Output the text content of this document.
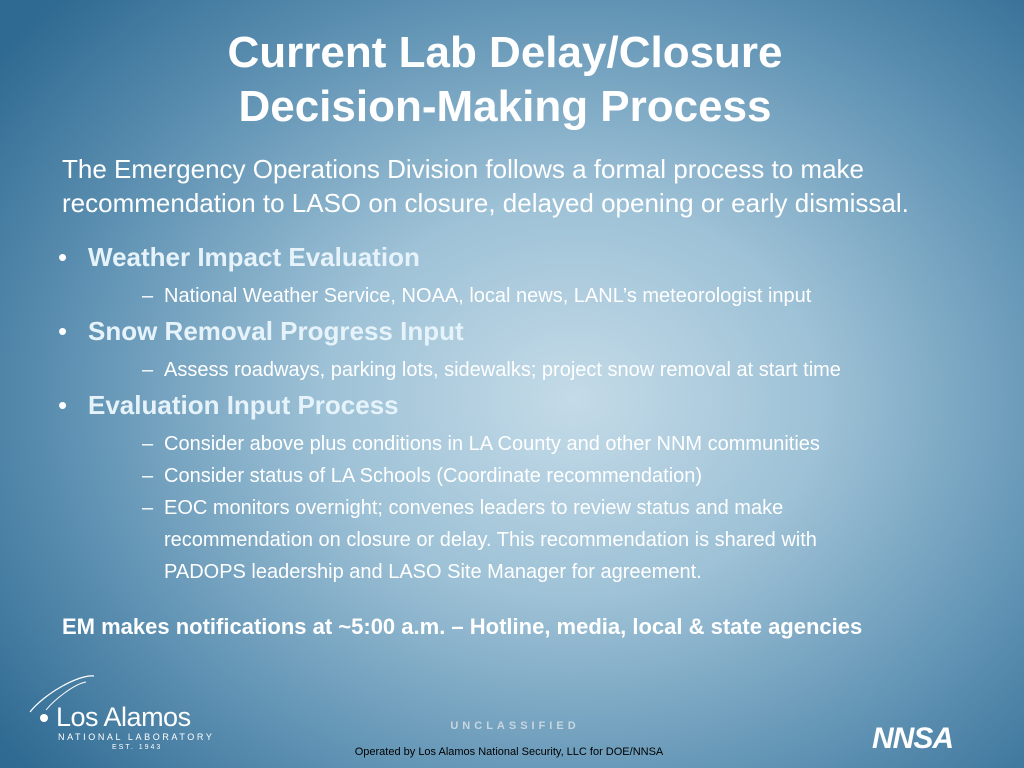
Current Lab Delay/Closure
Decision-Making Process
The Emergency Operations Division follows a formal process to make
recommendation to LASO on closure, delayed opening or early dismissal.
• Weather Impact Evaluation
– National Weather Service, NOAA, local news, LANL’s meteorologist input
• Snow Removal Progress Input
– Assess roadways, parking lots, sidewalks; project snow removal at start time
• Evaluation Input Process
– Consider above plus conditions in LA County and other NNM communities
– Consider status of LA Schools (Coordinate recommendation)
– EOC monitors overnight; convenes leaders to review status and make
recommendation on closure or delay. This recommendation is shared with
PADOPS leadership and LASO Site Manager for agreement.
EM makes notifications at ~5:00 a.m. – Hotline, media, local & state agencies
Los Alamos
NATIONAL LABORATORY
EST. 1943
UNCLASSIFIED
Operated by Los Alamos National Security, LLC for DOE/NNSA	NNSA
